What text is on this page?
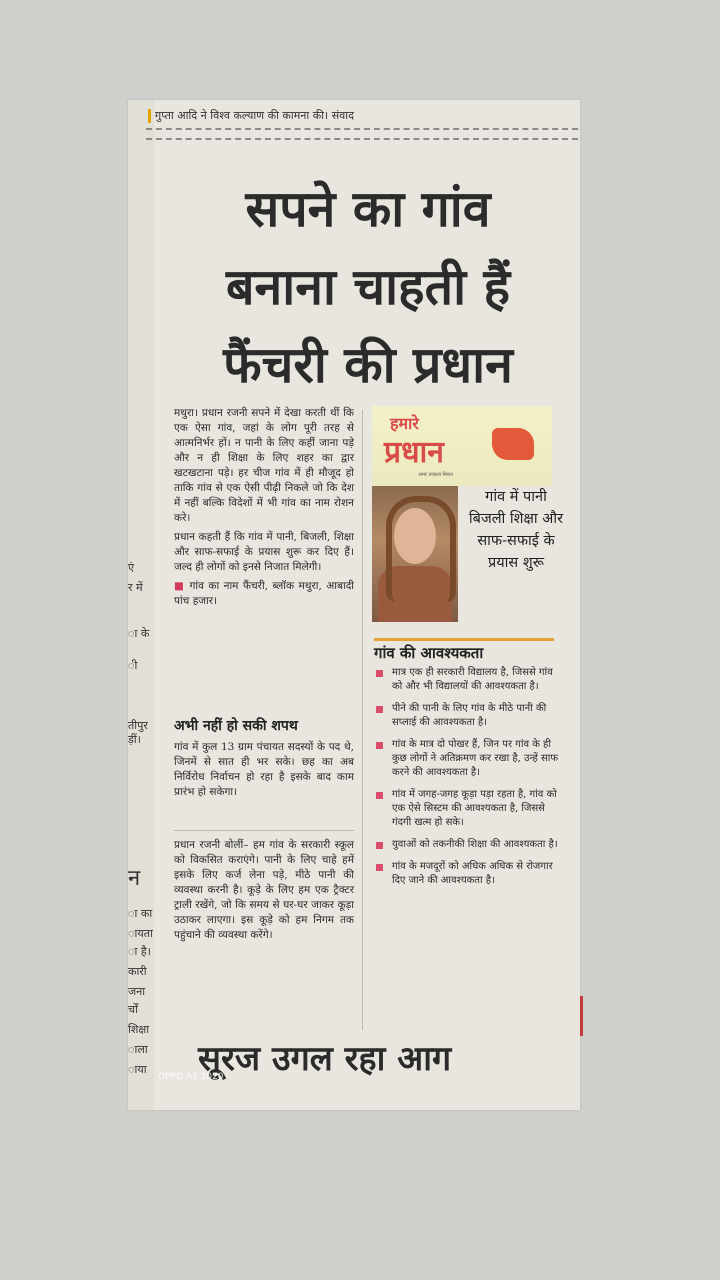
गुप्ता आदि ने विश्व कल्याण की कामना की। संवाद
सपने का गांव
बनाना चाहती हैं
फैंचरी की प्रधान

मथुरा। प्रधान रजनी सपने में देखा करती थीं कि एक ऐसा गांव, जहां के लोग पूरी तरह से आत्मनिर्भर हों। न पानी के लिए कहीं जाना पड़े और न ही शिक्षा के लिए शहर का द्वार खटखटाना पड़े। हर चीज गांव में ही मौजूद हो ताकि गांव से एक ऐसी पीढ़ी निकले जो कि देश में नहीं बल्कि विदेशों में भी गांव का नाम रोशन करे।

प्रधान कहती हैं कि गांव में पानी, बिजली, शिक्षा और साफ-सफाई के प्रयास शुरू कर दिए हैं। जल्द ही लोगों को इनसे निजात मिलेगी।

■ गांव का नाम फैंचरी, ब्लॉक मथुरा, आबादी पांच हजार।

अभी नहीं हो सकी शपथ

गांव में कुल 13 ग्राम पंचायत सदस्यों के पद थे, जिनमें से सात ही भर सके। छह का अब निर्विरोध निर्वाचन हो रहा है इसके बाद काम प्रारंभ हो सकेगा।

प्रधान रजनी बोलीं– हम गांव के सरकारी स्कूल को विकसित कराएंगे। पानी के लिए चाहे हमें इसके लिए कर्ज लेना पड़े, मीठे पानी की व्यवस्था करनी है। कूड़े के लिए हम एक ट्रैक्टर ट्राली रखेंगे, जो कि समय से घर-घर जाकर कूड़ा उठाकर लाएगा। इस कूड़े को हम निगम तक पहुंचाने की व्यवस्था करेंगे।

हमारे
प्रधान
अमर उजाला मिशन
गांव में पानी बिजली शिक्षा और साफ-सफाई के प्रयास शुरू
गांव की आवश्यकता
मात्र एक ही सरकारी विद्यालय है, जिससे गांव को और भी विद्यालयों की आवश्यकता है।
पीने की पानी के लिए गांव के मीठे पानी की सप्लाई की आवश्यकता है।
गांव के मात्र दो पोखर हैं, जिन पर गांव के ही कुछ लोगों ने अतिक्रमण कर रखा है, उन्हें साफ करने की आवश्यकता है।
गांव में जगह-जगह कूड़ा पड़ा रहता है, गांव को एक ऐसे सिस्टम की आवश्यकता है, जिससे गंदगी खत्म हो सके।
युवाओं को तकनीकी शिक्षा की आवश्यकता है।
गांव के मजदूरों को अधिक अधिक से रोजगार दिए जाने की आवश्यकता है।
सूरज उगल रहा आग
OPPO A5 2020
एं
र में
ा के
ी
तीपुर
ड़ीं।
न
ा का
ायता
ा है।
कारी
जना
र्चों
शिक्षा
ाला
ाया
